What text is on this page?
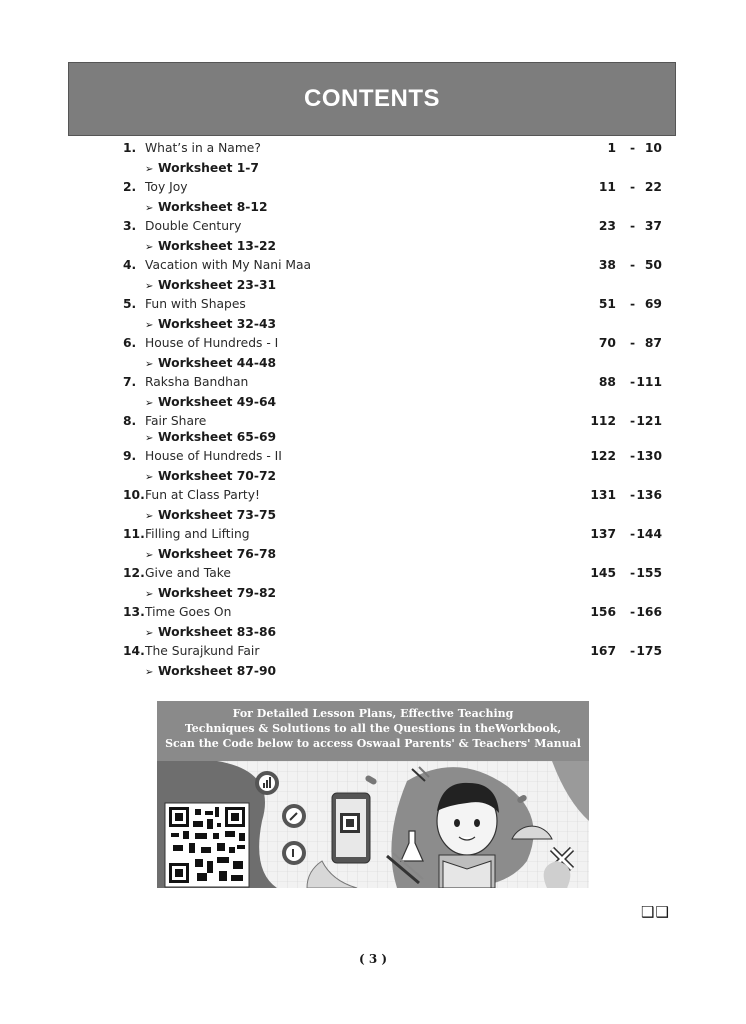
CONTENTS
1. What’s in a Name?	1 - 10
➢ Worksheet 1-7
2. Toy Joy	11 - 22
➢ Worksheet 8-12
3. Double Century	23 - 37
➢ Worksheet 13-22
4. Vacation with My Nani Maa	38 - 50
➢ Worksheet 23-31
5. Fun with Shapes	51 - 69
➢ Worksheet 32-43
6. House of Hundreds - I	70 - 87
➢ Worksheet 44-48
7. Raksha Bandhan	88 - 111
➢ Worksheet 49-64
8. Fair Share	112 - 121
➢ Worksheet 65-69
9. House of Hundreds - II	122 - 130
➢ Worksheet 70-72
10. Fun at Class Party!	131 - 136
➢ Worksheet 73-75
11. Filling and Lifting	137 - 144
➢ Worksheet 76-78
12. Give and Take	145 - 155
➢ Worksheet 79-82
13. Time Goes On	156 - 166
➢ Worksheet 83-86
14. The Surajkund Fair	167 - 175
➢ Worksheet 87-90
For Detailed Lesson Plans, Effective Teaching
Techniques & Solutions to all the Questions in theWorkbook,
Scan the Code below to access Oswaal Parents' & Teachers' Manual
❑❑
( 3 )
